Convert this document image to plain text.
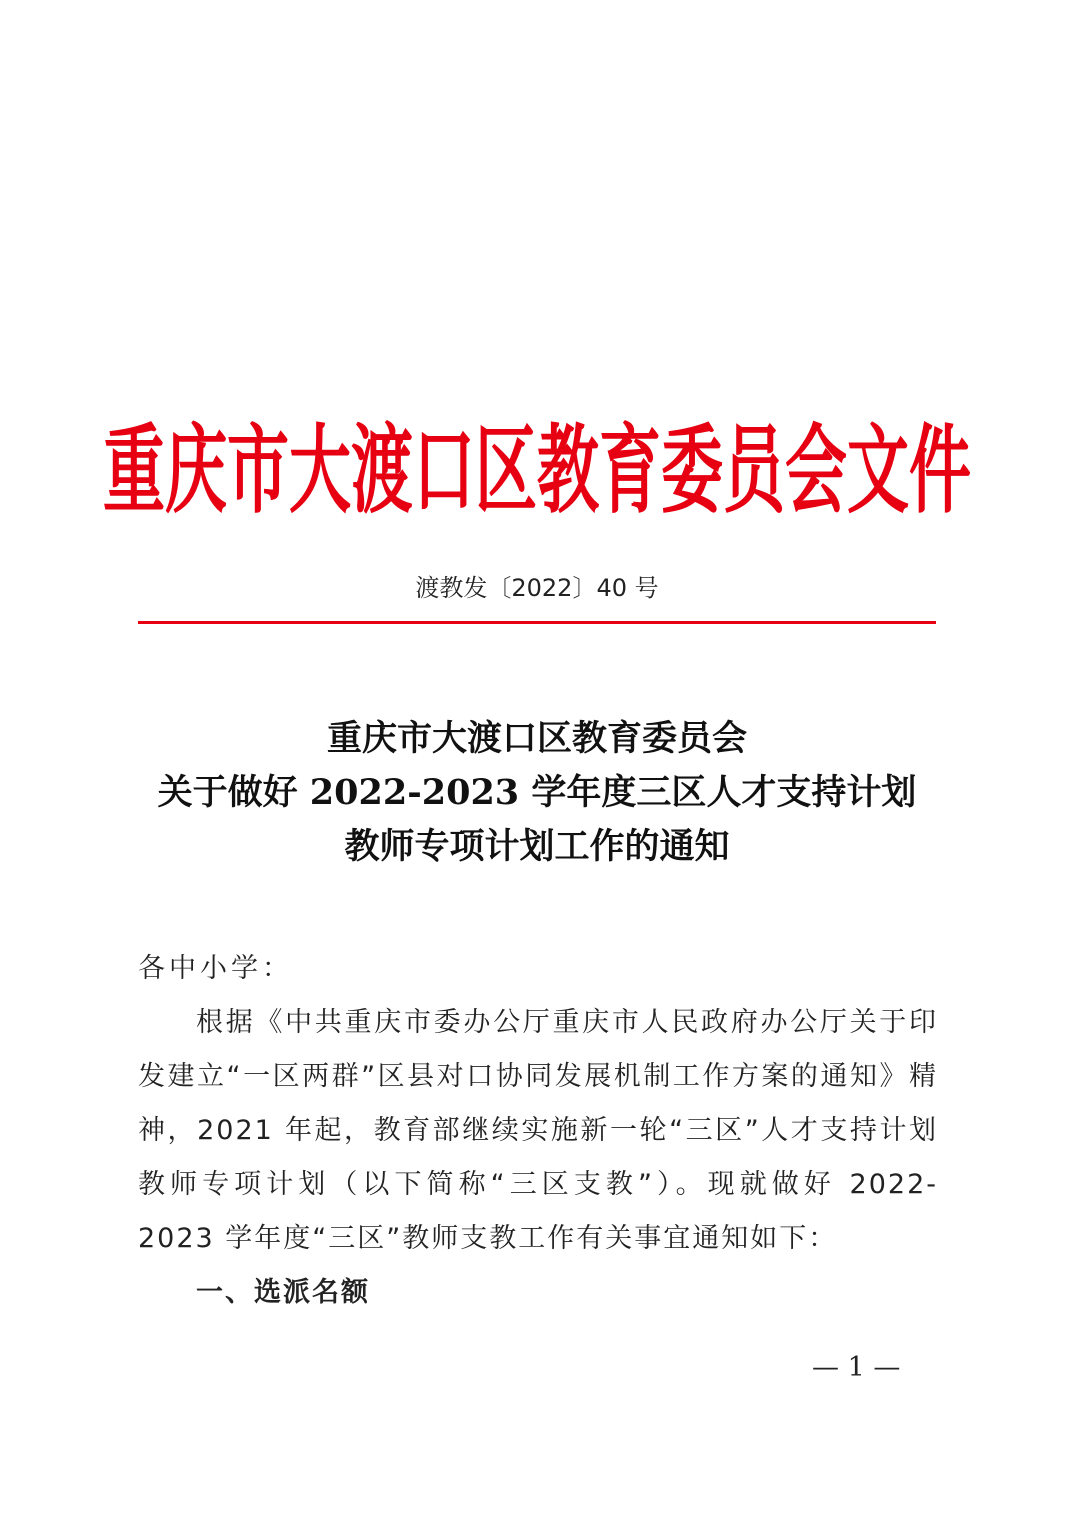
重庆市大渡口区教育委员会文件
渡教发〔2022〕40 号
重庆市大渡口区教育委员会
关于做好 2022-2023 学年度三区人才支持计划
教师专项计划工作的通知
各中小学：
根据《中共重庆市委办公厅重庆市人民政府办公厅关于印发建立“一区两群”区县对口协同发展机制工作方案的通知》精神，2021 年起，教育部继续实施新一轮“三区”人才支持计划教师专项计划（以下简称“三区支教”）。现就做好 2022-2023 学年度“三区”教师支教工作有关事宜通知如下：
一、选派名额
— 1 —
